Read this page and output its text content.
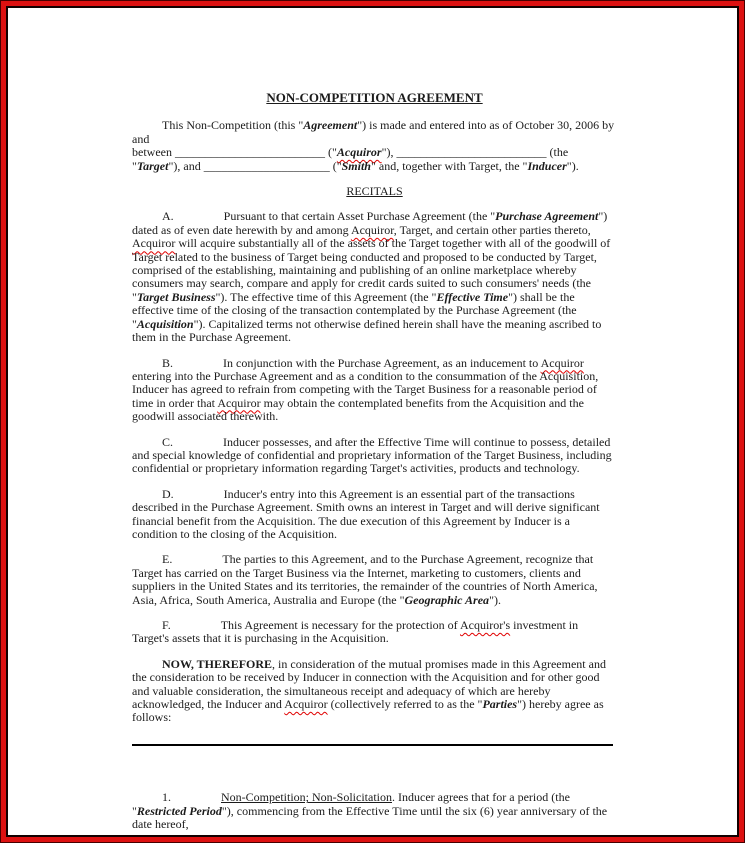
NON-COMPETITION AGREEMENT

This Non-Competition (this "Agreement") is made and entered into as of October 30, 2006 by and
between _________________________ ("Acquiror"), _________________________ (the
"Target"), and _____________________ ("Smith" and, together with Target, the "Inducer").

RECITALS

A.	Pursuant to that certain Asset Purchase Agreement (the "Purchase Agreement") dated as of even date herewith by and among Acquiror, Target, and certain other parties thereto, Acquiror will acquire substantially all of the assets of the Target together with all of the goodwill of Target related to the business of Target being conducted and proposed to be conducted by Target, comprised of the establishing, maintaining and publishing of an online marketplace whereby consumers may search, compare and apply for credit cards suited to such consumers' needs (the "Target Business"). The effective time of this Agreement (the "Effective Time") shall be the effective time of the closing of the transaction contemplated by the Purchase Agreement (the "Acquisition"). Capitalized terms not otherwise defined herein shall have the meaning ascribed to them in the Purchase Agreement.

B.	In conjunction with the Purchase Agreement, as an inducement to Acquiror entering into the Purchase Agreement and as a condition to the consummation of the Acquisition, Inducer has agreed to refrain from competing with the Target Business for a reasonable period of time in order that Acquiror may obtain the contemplated benefits from the Acquisition and the goodwill associated therewith.

C.	Inducer possesses, and after the Effective Time will continue to possess, detailed and special knowledge of confidential and proprietary information of the Target Business, including confidential or proprietary information regarding Target's activities, products and technology.

D.	Inducer's entry into this Agreement is an essential part of the transactions described in the Purchase Agreement. Smith owns an interest in Target and will derive significant financial benefit from the Acquisition. The due execution of this Agreement by Inducer is a condition to the closing of the Acquisition.

E.	The parties to this Agreement, and to the Purchase Agreement, recognize that Target has carried on the Target Business via the Internet, marketing to customers, clients and suppliers in the United States and its territories, the remainder of the countries of North America, Asia, Africa, South America, Australia and Europe (the "Geographic Area").

F.	This Agreement is necessary for the protection of Acquiror's investment in Target's assets that it is purchasing in the Acquisition.

NOW, THEREFORE, in consideration of the mutual promises made in this Agreement and the consideration to be received by Inducer in connection with the Acquisition and for other good and valuable consideration, the simultaneous receipt and adequacy of which are hereby acknowledged, the Inducer and Acquiror (collectively referred to as the "Parties") hereby agree as follows:

1.	Non-Competition; Non-Solicitation. Inducer agrees that for a period (the "Restricted Period"), commencing from the Effective Time until the six (6) year anniversary of the date hereof,
